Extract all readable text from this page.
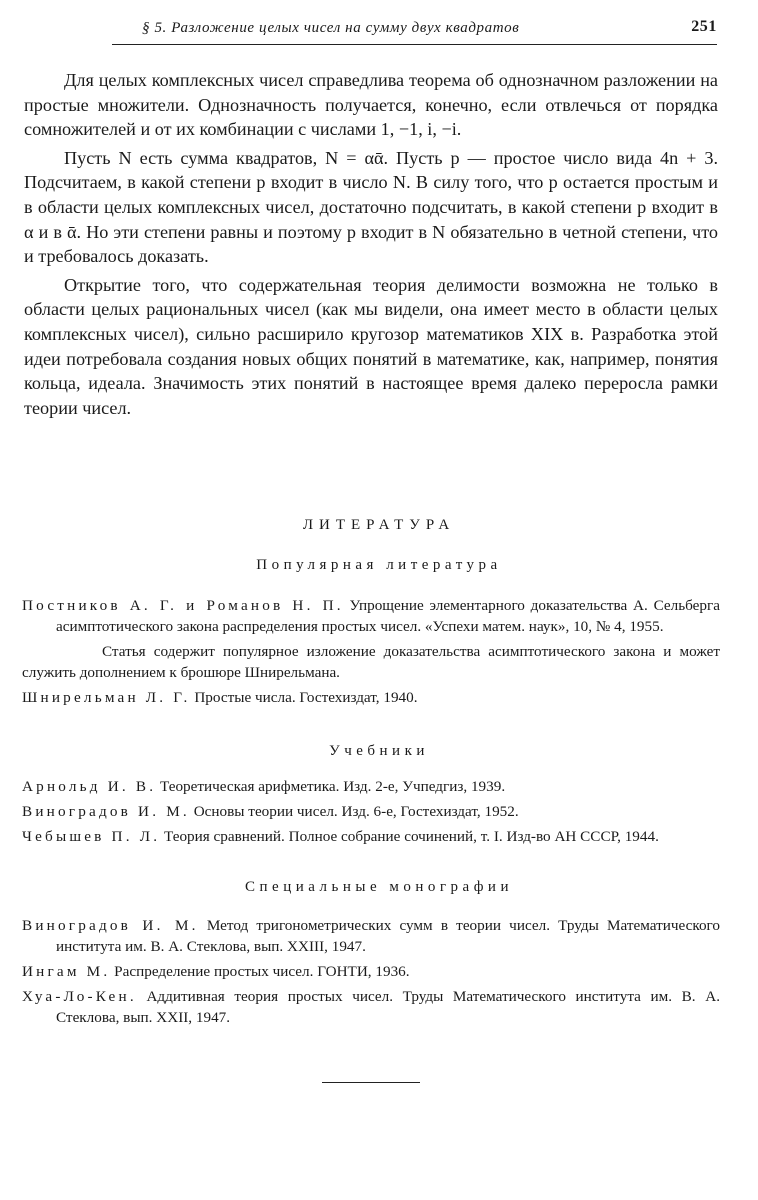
§ 5. Разложение целых чисел на сумму двух квадратов	251

Для целых комплексных чисел справедлива теорема об однозначном разложении на простые множители. Однозначность получается, конечно, если отвлечься от порядка сомножителей и от их комбинации с числами 1, −1, i, −i.

Пусть N есть сумма квадратов, N = αᾱ. Пусть p — простое число вида 4n + 3. Подсчитаем, в какой степени p входит в число N. В силу того, что p остается простым и в области целых комплексных чисел, достаточно подсчитать, в какой степени p входит в α и в ᾱ. Но эти степени равны и поэтому p входит в N обязательно в четной степени, что и требовалось доказать.

Открытие того, что содержательная теория делимости возможна не только в области целых рациональных чисел (как мы видели, она имеет место в области целых комплексных чисел), сильно расширило кругозор математиков XIX в. Разработка этой идеи потребовала создания новых общих понятий в математике, как, например, понятия кольца, идеала. Значимость этих понятий в настоящее время далеко переросла рамки теории чисел.

ЛИТЕРАТУРА
Популярная литература
Постников А. Г. и Романов Н. П. Упрощение элементарного доказательства А. Сельберга асимптотического закона распределения простых чисел. «Успехи матем. наук», 10, № 4, 1955.
Статья содержит популярное изложение доказательства асимптотического закона и может служить дополнением к брошюре Шнирельмана.
Шнирельман Л. Г. Простые числа. Гостехиздат, 1940.
Учебники
Арнольд И. В. Теоретическая арифметика. Изд. 2-е, Учпедгиз, 1939.
Виноградов И. М. Основы теории чисел. Изд. 6-е, Гостехиздат, 1952.
Чебышев П. Л. Теория сравнений. Полное собрание сочинений, т. I. Изд-во АН СССР, 1944.
Специальные монографии
Виноградов И. М. Метод тригонометрических сумм в теории чисел. Труды Математического института им. В. А. Стеклова, вып. XXIII, 1947.
Ингам М. Распределение простых чисел. ГОНТИ, 1936.
Хуа-Ло-Кен. Аддитивная теория простых чисел. Труды Математического института им. В. А. Стеклова, вып. XXII, 1947.
